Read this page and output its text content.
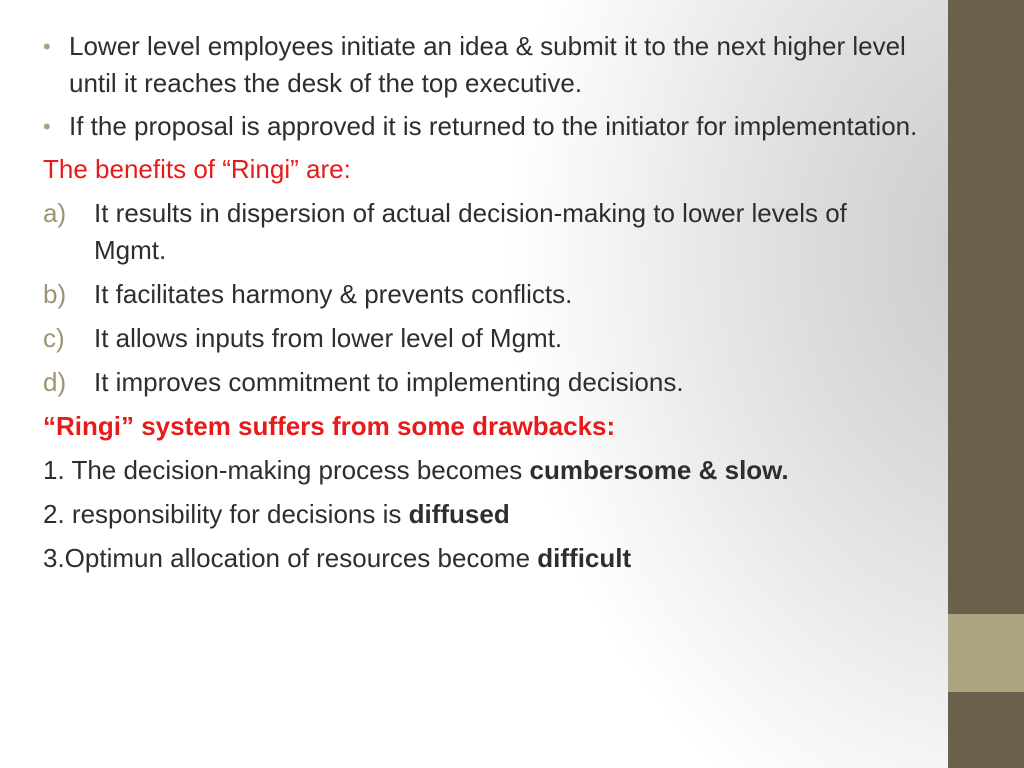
• Lower level employees initiate an idea & submit it to the next higher level until it reaches the desk of the top executive.
• If the proposal is approved it is returned to the initiator for implementation.
The benefits of “Ringi” are:
a) It results in dispersion of actual decision-making to lower levels of Mgmt.
b) It facilitates harmony & prevents conflicts.
c) It allows inputs from lower level of Mgmt.
d) It improves commitment to implementing decisions.
“Ringi” system suffers from some drawbacks:
1. The decision-making process becomes cumbersome & slow.
2. responsibility for decisions is diffused
3.Optimun allocation of resources become difficult
